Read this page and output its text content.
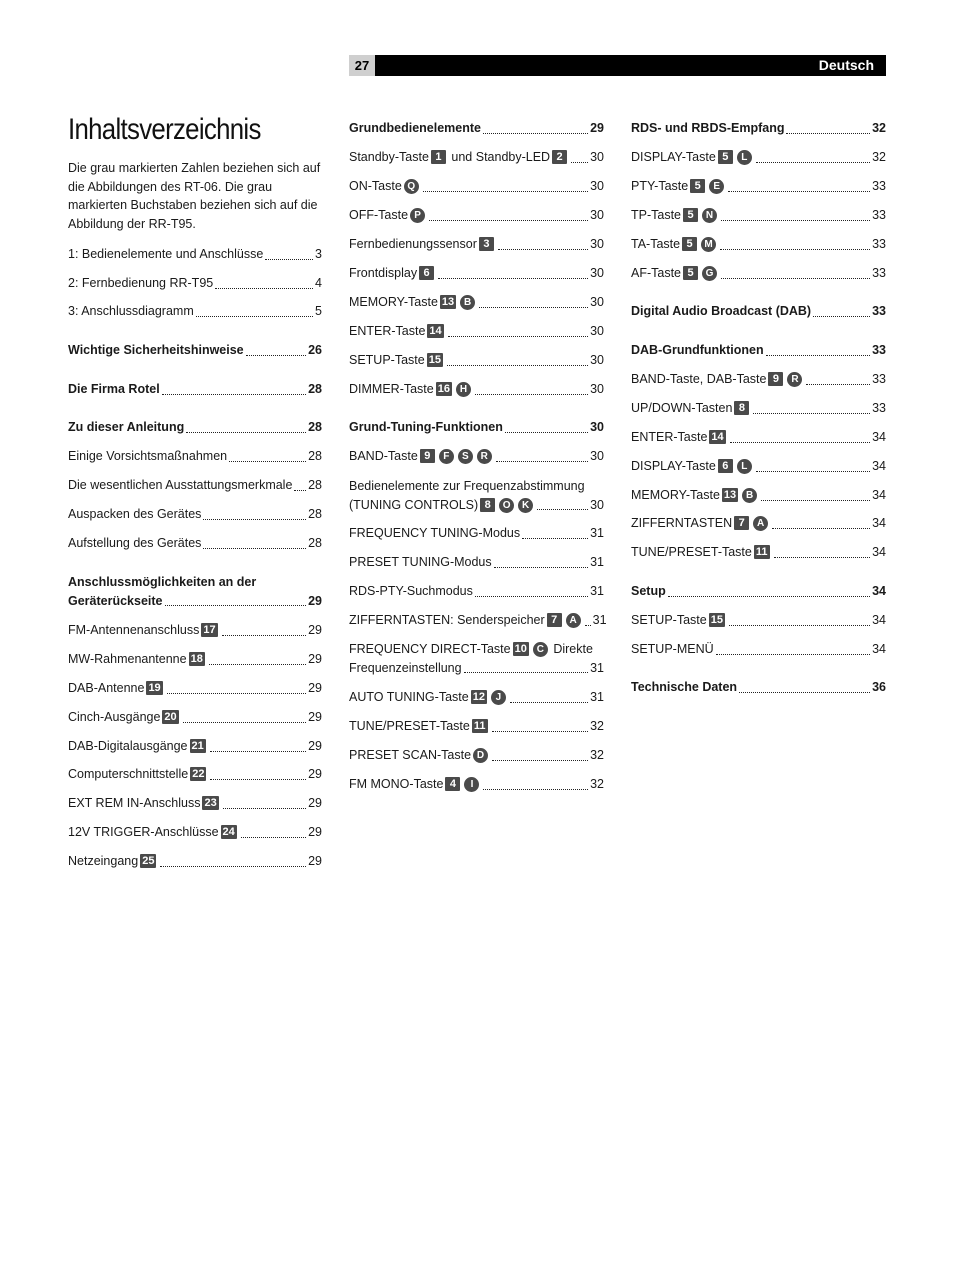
27	Deutsch
Inhaltsverzeichnis
Die grau markierten Zahlen beziehen sich auf die Abbildungen des RT-06. Die grau markierten Buchstaben beziehen sich auf die Abbildung der RR-T95.
1: Bedienelemente und Anschlüsse	3
2: Fernbedienung RR-T95	4
3: Anschlussdiagramm	5
Wichtige Sicherheitshinweise	26
Die Firma Rotel	28
Zu dieser Anleitung	28
Einige Vorsichtsmaßnahmen	28
Die wesentlichen Ausstattungsmerkmale 28
Auspacken des Gerätes	28
Aufstellung des Gerätes	28
Anschlussmöglichkeiten an der
Geräterückseite	29
FM-Antennenanschluss 17	29
MW-Rahmenantenne 18	29
DAB-Antenne 19	29
Cinch-Ausgänge 20	29
DAB-Digitalausgänge 21	29
Computerschnittstelle 22	29
EXT REM IN-Anschluss 23	29
12V TRIGGER-Anschlüsse 24	29
Netzeingang 25	29
Grundbedienelemente	29
Standby-Taste 1 und Standby-LED 2	30
ON-Taste Q	30
OFF-Taste P	30
Fernbedienungssensor 3	30
Frontdisplay 6	30
MEMORY-Taste 13 B	30
ENTER-Taste 14	30
SETUP-Taste 15	30
DIMMER-Taste 16 H	30
Grund-Tuning-Funktionen	30
BAND-Taste 9 F S R	30
Bedienelemente zur Frequenzabstimmung
(TUNING CONTROLS) 8 O K	30
FREQUENCY TUNING-Modus	31
PRESET TUNING-Modus	31
RDS-PTY-Suchmodus	31
ZIFFERNTASTEN: Senderspeicher 7 A	31
FREQUENCY DIRECT-Taste 10 C Direkte
Frequenzeinstellung	31
AUTO TUNING-Taste 12 J	31
TUNE/PRESET-Taste 11	32
PRESET SCAN-Taste D	32
FM MONO-Taste 4 I	32
RDS- und RBDS-Empfang	32
DISPLAY-Taste 5 L	32
PTY-Taste 5 E	33
TP-Taste 5 N	33
TA-Taste 5 M	33
AF-Taste 5 G	33
Digital Audio Broadcast (DAB)	33
DAB-Grundfunktionen	33
BAND-Taste, DAB-Taste 9 R	33
UP/DOWN-Tasten 8	33
ENTER-Taste 14	34
DISPLAY-Taste 6 L	34
MEMORY-Taste 13 B	34
ZIFFERNTASTEN 7 A	34
TUNE/PRESET-Taste 11	34
Setup	34
SETUP-Taste 15	34
SETUP-MENÜ	34
Technische Daten	36
